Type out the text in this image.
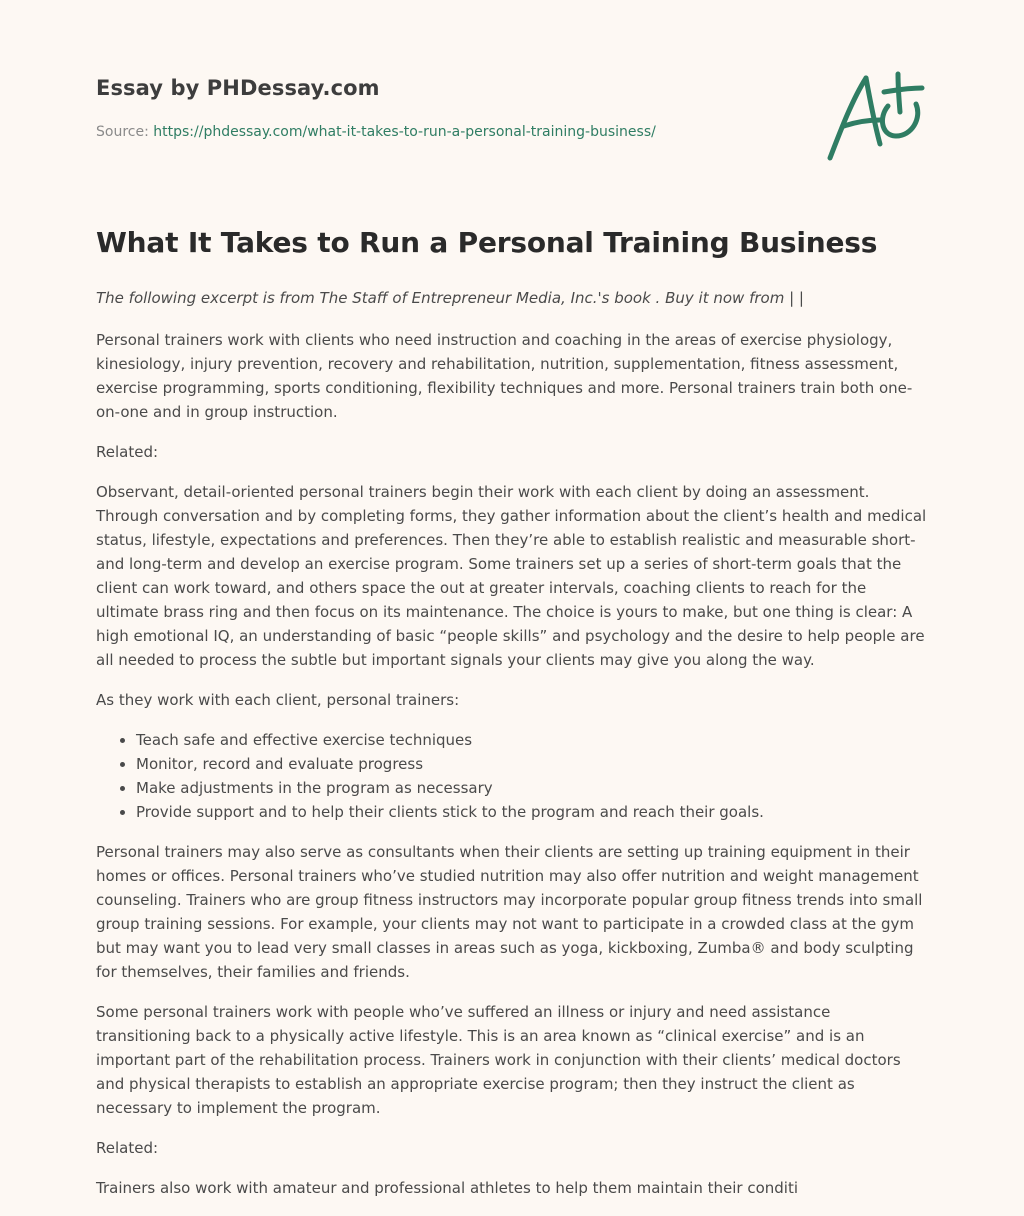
Essay by PHDessay.com

Source: https://phdessay.com/what-it-takes-to-run-a-personal-training-business/

What It Takes to Run a Personal Training Business

The following excerpt is from The Staff of Entrepreneur Media, Inc.'s book . Buy it now from | |

Personal trainers work with clients who need instruction and coaching in the areas of exercise physiology, kinesiology, injury prevention, recovery and rehabilitation, nutrition, supplementation, fitness assessment, exercise programming, sports conditioning, flexibility techniques and more. Personal trainers train both one-on-one and in group instruction.

Related:

Observant, detail-oriented personal trainers begin their work with each client by doing an assessment. Through conversation and by completing forms, they gather information about the client’s health and medical status, lifestyle, expectations and preferences. Then they’re able to establish realistic and measurable short- and long-term and develop an exercise program. Some trainers set up a series of short-term goals that the client can work toward, and others space the out at greater intervals, coaching clients to reach for the ultimate brass ring and then focus on its maintenance. The choice is yours to make, but one thing is clear: A high emotional IQ, an understanding of basic “people skills” and psychology and the desire to help people are all needed to process the subtle but important signals your clients may give you along the way.

As they work with each client, personal trainers:

• Teach safe and effective exercise techniques
• Monitor, record and evaluate progress
• Make adjustments in the program as necessary
• Provide support and to help their clients stick to the program and reach their goals.

Personal trainers may also serve as consultants when their clients are setting up training equipment in their homes or offices. Personal trainers who’ve studied nutrition may also offer nutrition and weight management counseling. Trainers who are group fitness instructors may incorporate popular group fitness trends into small group training sessions. For example, your clients may not want to participate in a crowded class at the gym but may want you to lead very small classes in areas such as yoga, kickboxing, Zumba® and body sculpting for themselves, their families and friends.

Some personal trainers work with people who’ve suffered an illness or injury and need assistance transitioning back to a physically active lifestyle. This is an area known as “clinical exercise” and is an important part of the rehabilitation process. Trainers work in conjunction with their clients’ medical doctors and physical therapists to establish an appropriate exercise program; then they instruct the client as necessary to implement the program.

Related:

Trainers also work with amateur and professional athletes to help them maintain their conditi
